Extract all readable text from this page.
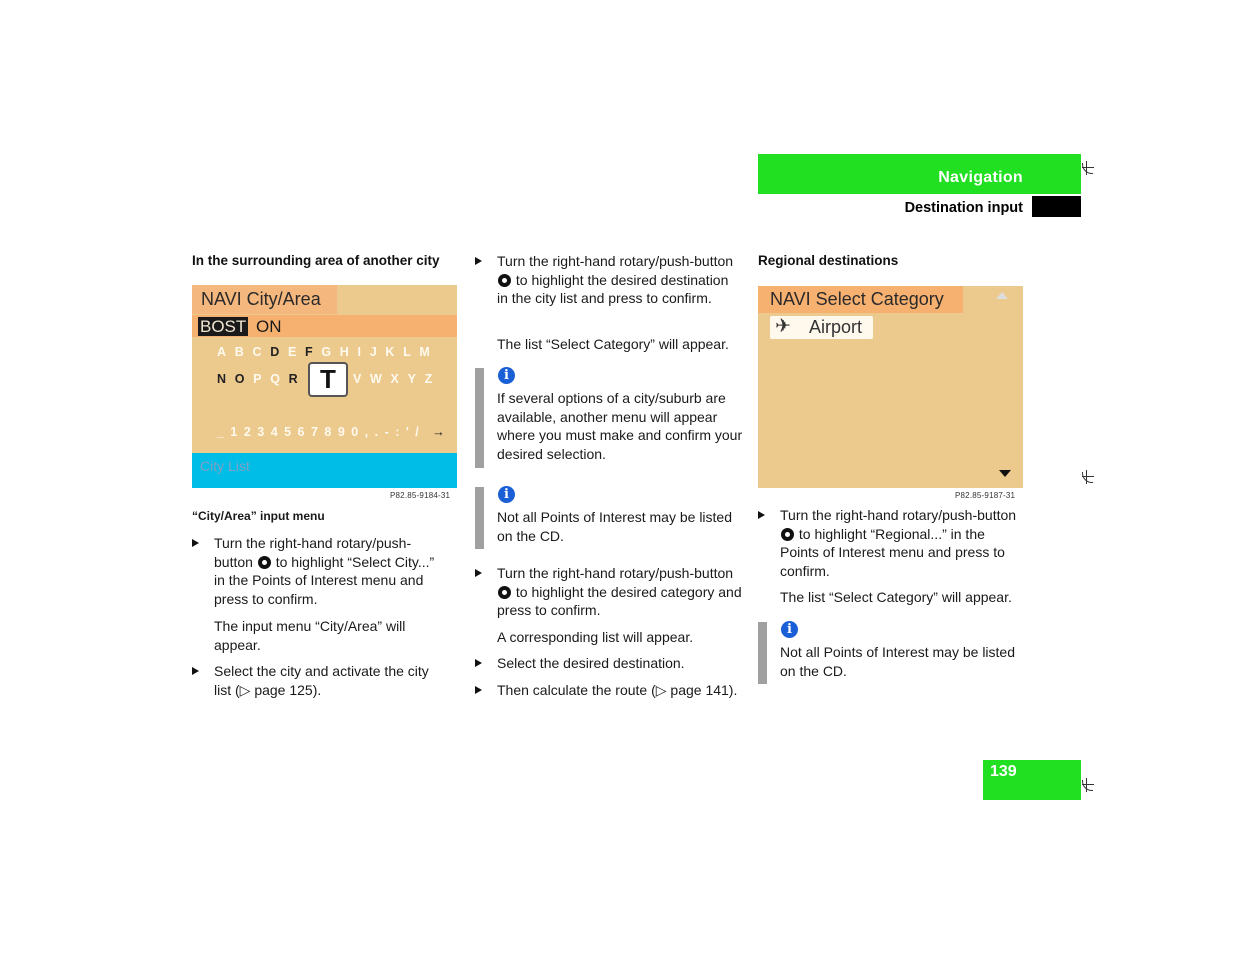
Navigation
Destination input
139
In the surrounding area of another city
NAVI City/Area
BOST ON
ABCDEFGHIJKLM
NOPQR	VWXYZ
T
_ 1 2 3 4 5 6 7 8 9 0 , . - : ' / →
City List
P82.85-9184-31
“City/Area” input menu
Turn the right-hand rotary/push-button to highlight “Select City...” in the Points of Interest menu and press to confirm.
The input menu “City/Area” will appear.
Select the city and activate the city list (▷ page 125).
Turn the right-hand rotary/push-button  to highlight the desired destination in the city list and press to confirm.
The list “Select Category” will appear.
i
If several options of a city/suburb are available, another menu will appear where you must make and confirm your desired selection.
i
Not all Points of Interest may be listed on the CD.
Turn the right-hand rotary/push-button  to highlight the desired category and press to confirm.
A corresponding list will appear.
Select the desired destination.
Then calculate the route (▷ page 141).
Regional destinations
NAVI Select Category
✈ Airport
P82.85-9187-31
Turn the right-hand rotary/push-button  to highlight “Regional...” in the Points of Interest menu and press to confirm.
The list “Select Category” will appear.
i
Not all Points of Interest may be listed on the CD.
